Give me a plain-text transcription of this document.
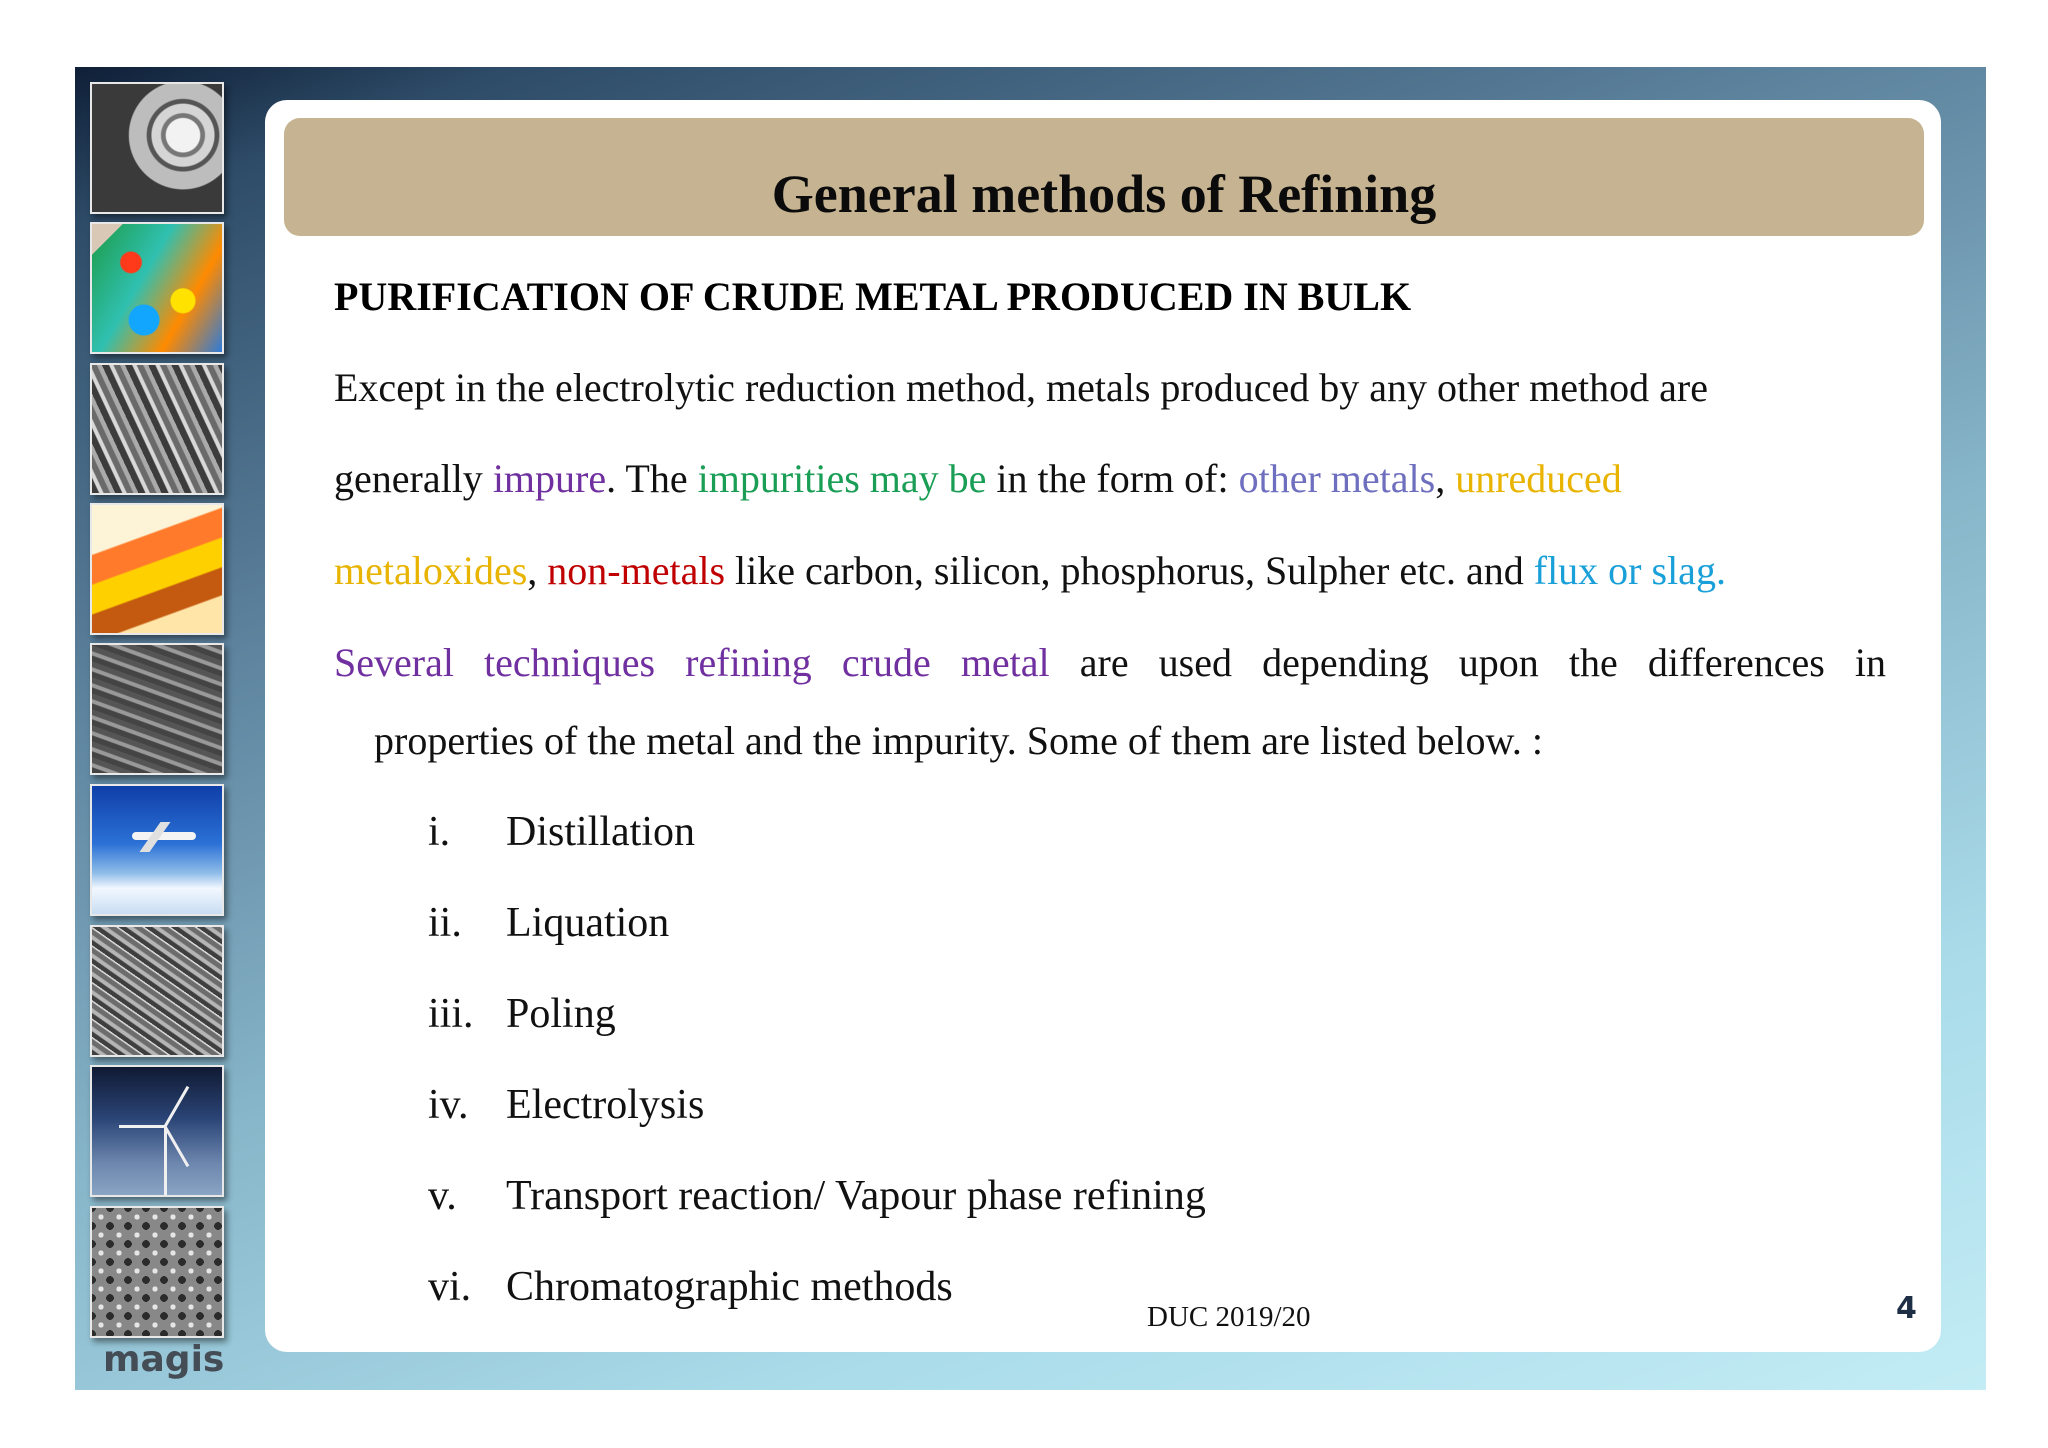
magis
General methods of Refining
PURIFICATION OF CRUDE METAL PRODUCED IN BULK
Except in the electrolytic reduction method, metals produced by any other method are
generally impure. The impurities may be in the form of: other metals, unreduced
metaloxides, non-metals like carbon, silicon, phosphorus, Sulpher etc. and flux or slag.
Several techniques refining crude metal are used depending upon the differences in
properties of the metal and the impurity. Some of them are listed below. :
i.	Distillation
ii.	Liquation
iii. Poling
iv. Electrolysis
v.	Transport reaction/ Vapour phase refining
vi. Chromatographic methods
DUC 2019/20	4
